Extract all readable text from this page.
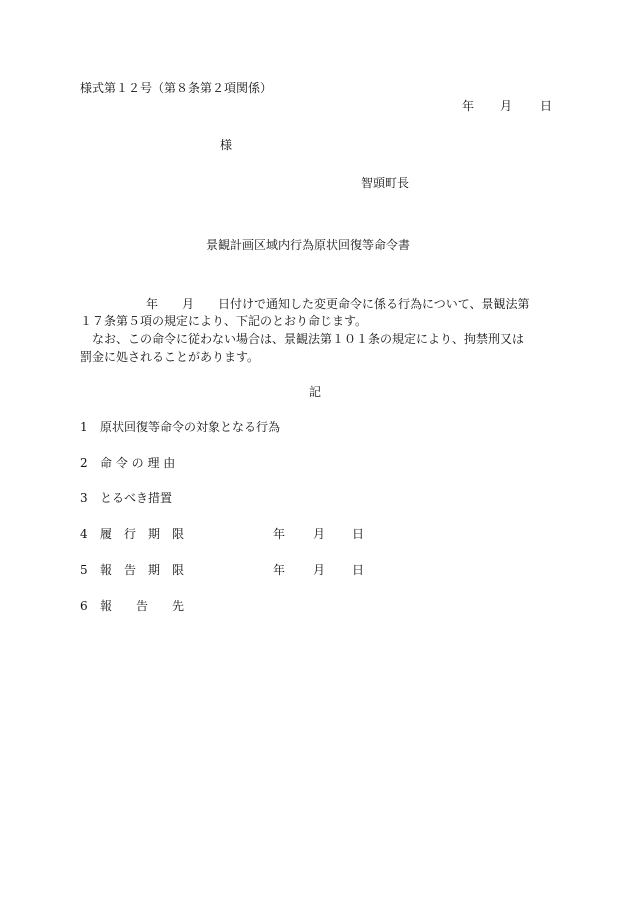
様式第１２号（第８条第２項関係）
年 月 日
様
智頭町長
景観計画区域内行為原状回復等命令書
年　　月　　日付けで通知した変更命令に係る行為について、景観法第
１７条第５項の規定により、下記のとおり命じます。
なお、この命令に従わない場合は、景観法第１０１条の規定により、拘禁刑又は
罰金に処されることがあります。
記
1 原状回復等命令の対象となる行為
2 命 令 の 理 由
3 とるべき措置
4 履　行　期　限	年 月 日
5 報　告　期　限	年 月 日
6 報　　告　　先
